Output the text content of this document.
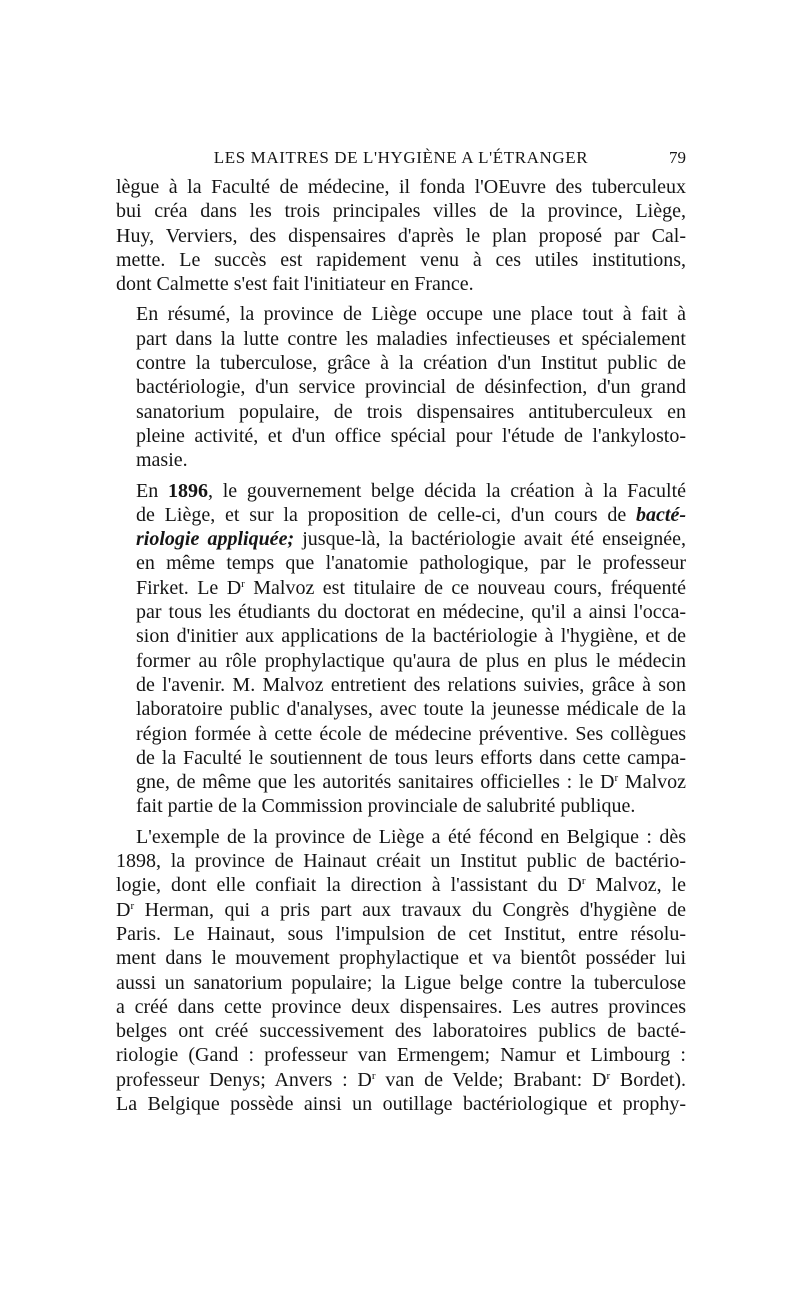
LES MAITRES DE L'HYGIÈNE A L'ÉTRANGER	79

lègue à la Faculté de médecine, il fonda l'OEuvre des tuberculeux
bui créa dans les trois principales villes de la province, Liège,
Huy, Verviers, des dispensaires d'après le plan proposé par Cal-
mette. Le succès est rapidement venu à ces utiles institutions,
dont Calmette s'est fait l'initiateur en France.

En résumé, la province de Liège occupe une place tout à fait à
part dans la lutte contre les maladies infectieuses et spécialement
contre la tuberculose, grâce à la création d'un Institut public de
bactériologie, d'un service provincial de désinfection, d'un grand
sanatorium populaire, de trois dispensaires antituberculeux en
pleine activité, et d'un office spécial pour l'étude de l'ankylosto-
masie.

En 1896, le gouvernement belge décida la création à la Faculté
de Liège, et sur la proposition de celle-ci, d'un cours de bacté-
riologie appliquée; jusque-là, la bactériologie avait été enseignée,
en même temps que l'anatomie pathologique, par le professeur
Firket. Le $D^r$ Malvoz est titulaire de ce nouveau cours, fréquenté
par tous les étudiants du doctorat en médecine, qu'il a ainsi l'occa-
sion d'initier aux applications de la bactériologie à l'hygiène, et de
former au rôle prophylactique qu'aura de plus en plus le médecin
de l'avenir. M. Malvoz entretient des relations suivies, grâce à son
laboratoire public d'analyses, avec toute la jeunesse médicale de la
région formée à cette école de médecine préventive. Ses collègues
de la Faculté le soutiennent de tous leurs efforts dans cette campa-
gne, de même que les autorités sanitaires officielles : le $D^r$ Malvoz
fait partie de la Commission provinciale de salubrité publique.

L'exemple de la province de Liège a été fécond en Belgique : dès
1898, la province de Hainaut créait un Institut public de bactério-
logie, dont elle confiait la direction à l'assistant du $D^r$ Malvoz, le
$D^r$ Herman, qui a pris part aux travaux du Congrès d'hygiène de
Paris. Le Hainaut, sous l'impulsion de cet Institut, entre résolu-
ment dans le mouvement prophylactique et va bientôt posséder lui
aussi un sanatorium populaire; la Ligue belge contre la tuberculose
a créé dans cette province deux dispensaires. Les autres provinces
belges ont créé successivement des laboratoires publics de bacté-
riologie (Gand : professeur van Ermengem; Namur et Limbourg :
professeur Denys; Anvers : $D^r$ van de Velde; Brabant: $D^r$ Bordet).
La Belgique possède ainsi un outillage bactériologique et prophy-
